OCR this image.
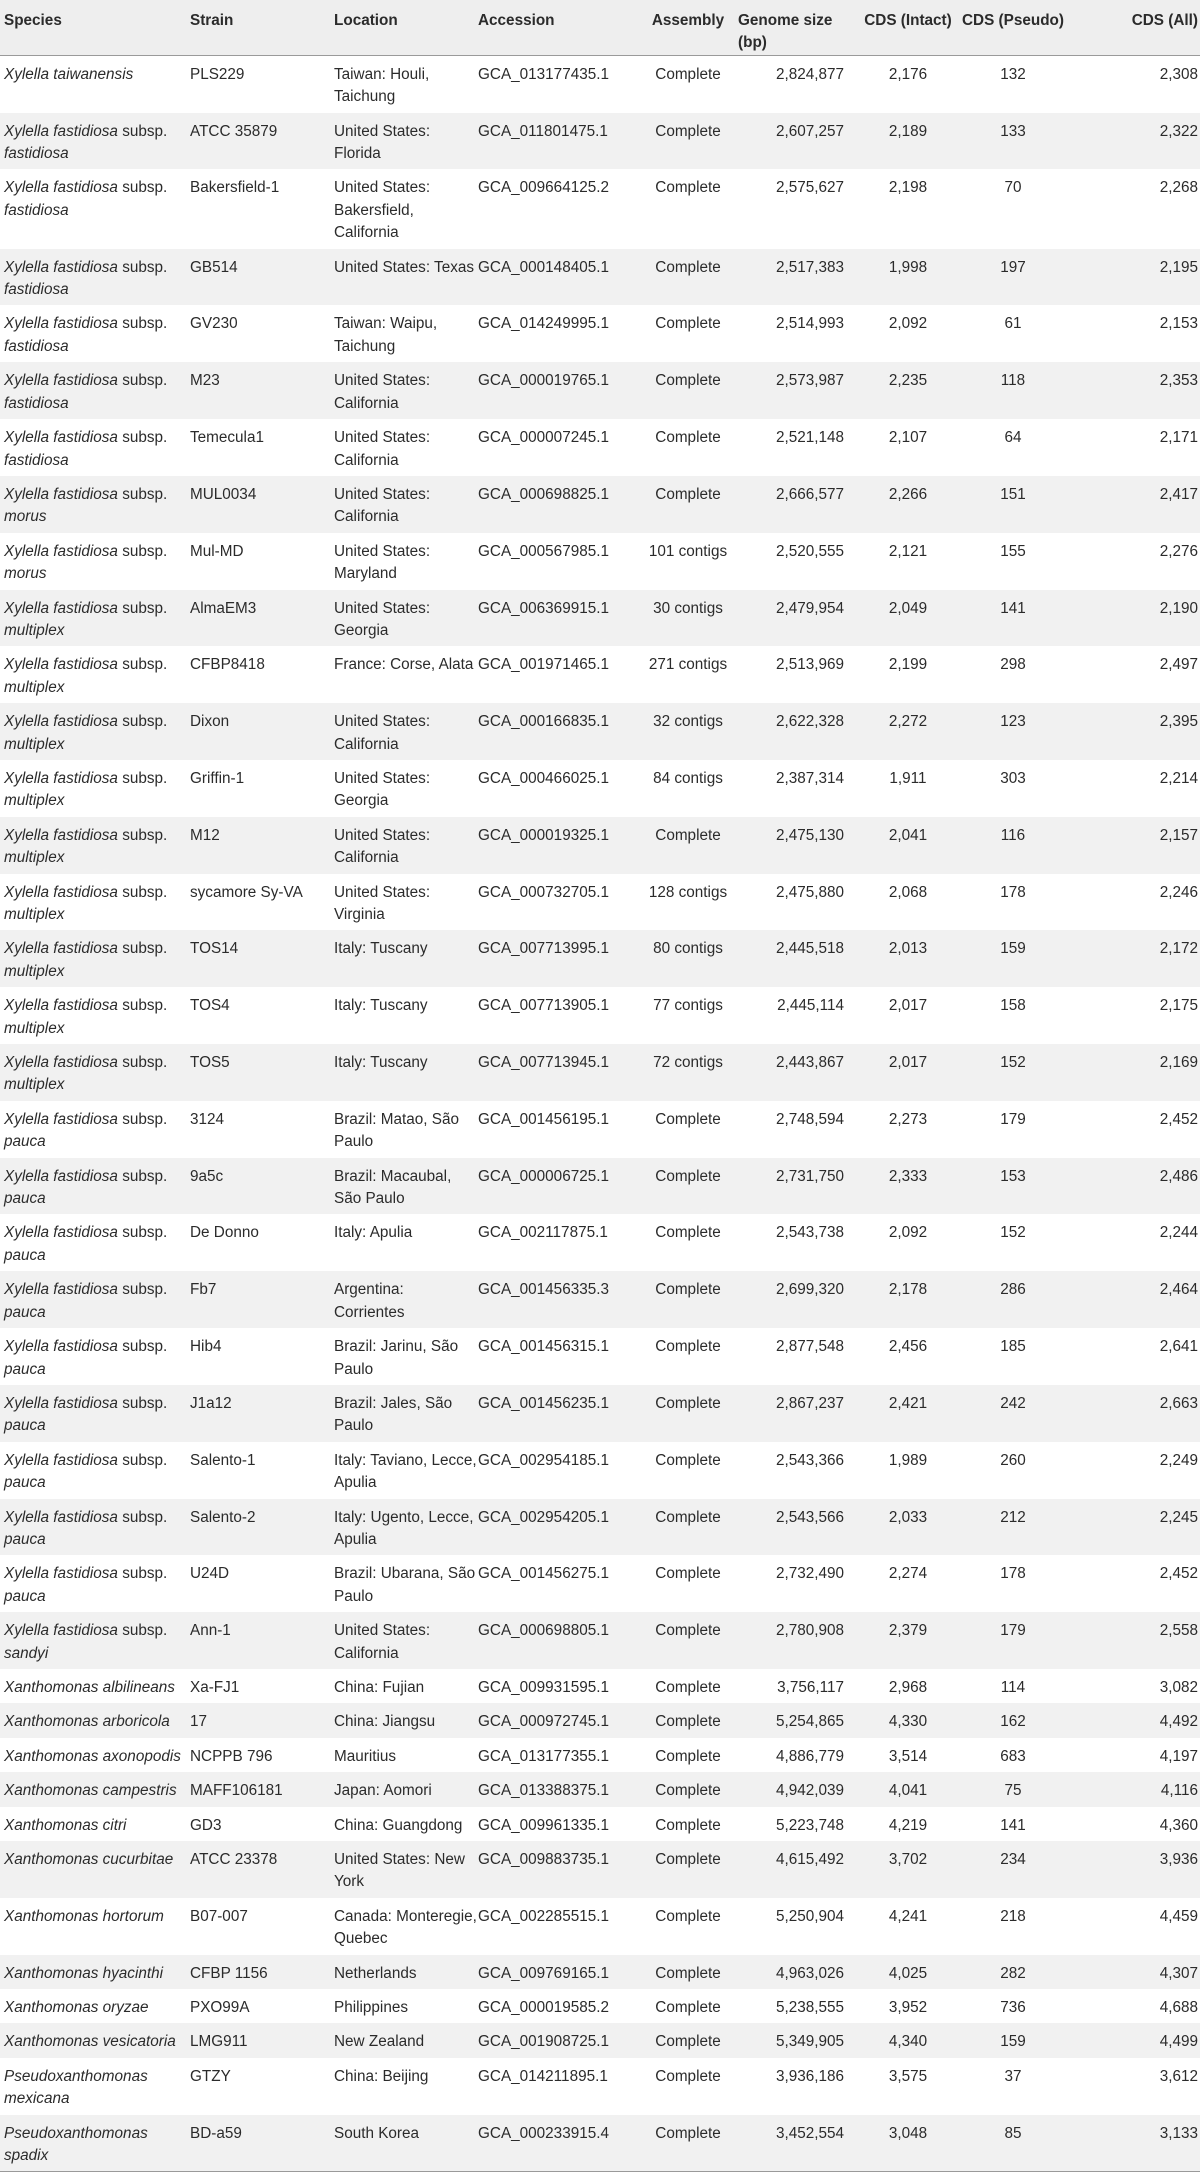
Species	Strain	Location	Accession	Assembly	Genome size (bp)	CDS (Intact)	CDS (Pseudo)	CDS (All)
Xylella taiwanensis	PLS229	Taiwan: Houli, Taichung	GCA_013177435.1	Complete	2,824,877	2,176	132	2,308
Xylella fastidiosa subsp. fastidiosa	ATCC 35879	United States: Florida	GCA_011801475.1	Complete	2,607,257	2,189	133	2,322
Xylella fastidiosa subsp. fastidiosa	Bakersfield-1	United States: Bakersfield, California	GCA_009664125.2	Complete	2,575,627	2,198	70	2,268
Xylella fastidiosa subsp. fastidiosa	GB514	United States: Texas	GCA_000148405.1	Complete	2,517,383	1,998	197	2,195
Xylella fastidiosa subsp. fastidiosa	GV230	Taiwan: Waipu, Taichung	GCA_014249995.1	Complete	2,514,993	2,092	61	2,153
Xylella fastidiosa subsp. fastidiosa	M23	United States: California	GCA_000019765.1	Complete	2,573,987	2,235	118	2,353
Xylella fastidiosa subsp. fastidiosa	Temecula1	United States: California	GCA_000007245.1	Complete	2,521,148	2,107	64	2,171
Xylella fastidiosa subsp. morus	MUL0034	United States: California	GCA_000698825.1	Complete	2,666,577	2,266	151	2,417
Xylella fastidiosa subsp. morus	Mul-MD	United States: Maryland	GCA_000567985.1	101 contigs	2,520,555	2,121	155	2,276
Xylella fastidiosa subsp. multiplex	AlmaEM3	United States: Georgia	GCA_006369915.1	30 contigs	2,479,954	2,049	141	2,190
Xylella fastidiosa subsp. multiplex	CFBP8418	France: Corse, Alata	GCA_001971465.1	271 contigs	2,513,969	2,199	298	2,497
Xylella fastidiosa subsp. multiplex	Dixon	United States: California	GCA_000166835.1	32 contigs	2,622,328	2,272	123	2,395
Xylella fastidiosa subsp. multiplex	Griffin-1	United States: Georgia	GCA_000466025.1	84 contigs	2,387,314	1,911	303	2,214
Xylella fastidiosa subsp. multiplex	M12	United States: California	GCA_000019325.1	Complete	2,475,130	2,041	116	2,157
Xylella fastidiosa subsp. multiplex	sycamore Sy-VA	United States: Virginia	GCA_000732705.1	128 contigs	2,475,880	2,068	178	2,246
Xylella fastidiosa subsp. multiplex	TOS14	Italy: Tuscany	GCA_007713995.1	80 contigs	2,445,518	2,013	159	2,172
Xylella fastidiosa subsp. multiplex	TOS4	Italy: Tuscany	GCA_007713905.1	77 contigs	2,445,114	2,017	158	2,175
Xylella fastidiosa subsp. multiplex	TOS5	Italy: Tuscany	GCA_007713945.1	72 contigs	2,443,867	2,017	152	2,169
Xylella fastidiosa subsp. pauca	3124	Brazil: Matao, São Paulo	GCA_001456195.1	Complete	2,748,594	2,273	179	2,452
Xylella fastidiosa subsp. pauca	9a5c	Brazil: Macaubal, São Paulo	GCA_000006725.1	Complete	2,731,750	2,333	153	2,486
Xylella fastidiosa subsp. pauca	De Donno	Italy: Apulia	GCA_002117875.1	Complete	2,543,738	2,092	152	2,244
Xylella fastidiosa subsp. pauca	Fb7	Argentina: Corrientes	GCA_001456335.3	Complete	2,699,320	2,178	286	2,464
Xylella fastidiosa subsp. pauca	Hib4	Brazil: Jarinu, São Paulo	GCA_001456315.1	Complete	2,877,548	2,456	185	2,641
Xylella fastidiosa subsp. pauca	J1a12	Brazil: Jales, São Paulo	GCA_001456235.1	Complete	2,867,237	2,421	242	2,663
Xylella fastidiosa subsp. pauca	Salento-1	Italy: Taviano, Lecce, Apulia	GCA_002954185.1	Complete	2,543,366	1,989	260	2,249
Xylella fastidiosa subsp. pauca	Salento-2	Italy: Ugento, Lecce, Apulia	GCA_002954205.1	Complete	2,543,566	2,033	212	2,245
Xylella fastidiosa subsp. pauca	U24D	Brazil: Ubarana, São Paulo	GCA_001456275.1	Complete	2,732,490	2,274	178	2,452
Xylella fastidiosa subsp. sandyi	Ann-1	United States: California	GCA_000698805.1	Complete	2,780,908	2,379	179	2,558
Xanthomonas albilineans	Xa-FJ1	China: Fujian	GCA_009931595.1	Complete	3,756,117	2,968	114	3,082
Xanthomonas arboricola	17	China: Jiangsu	GCA_000972745.1	Complete	5,254,865	4,330	162	4,492
Xanthomonas axonopodis	NCPPB 796	Mauritius	GCA_013177355.1	Complete	4,886,779	3,514	683	4,197
Xanthomonas campestris	MAFF106181	Japan: Aomori	GCA_013388375.1	Complete	4,942,039	4,041	75	4,116
Xanthomonas citri	GD3	China: Guangdong	GCA_009961335.1	Complete	5,223,748	4,219	141	4,360
Xanthomonas cucurbitae	ATCC 23378	United States: New York	GCA_009883735.1	Complete	4,615,492	3,702	234	3,936
Xanthomonas hortorum	B07-007	Canada: Monteregie, Quebec	GCA_002285515.1	Complete	5,250,904	4,241	218	4,459
Xanthomonas hyacinthi	CFBP 1156	Netherlands	GCA_009769165.1	Complete	4,963,026	4,025	282	4,307
Xanthomonas oryzae	PXO99A	Philippines	GCA_000019585.2	Complete	5,238,555	3,952	736	4,688
Xanthomonas vesicatoria	LMG911	New Zealand	GCA_001908725.1	Complete	5,349,905	4,340	159	4,499
Pseudoxanthomonas mexicana	GTZY	China: Beijing	GCA_014211895.1	Complete	3,936,186	3,575	37	3,612
Pseudoxanthomonas spadix	BD-a59	South Korea	GCA_000233915.4	Complete	3,452,554	3,048	85	3,133
